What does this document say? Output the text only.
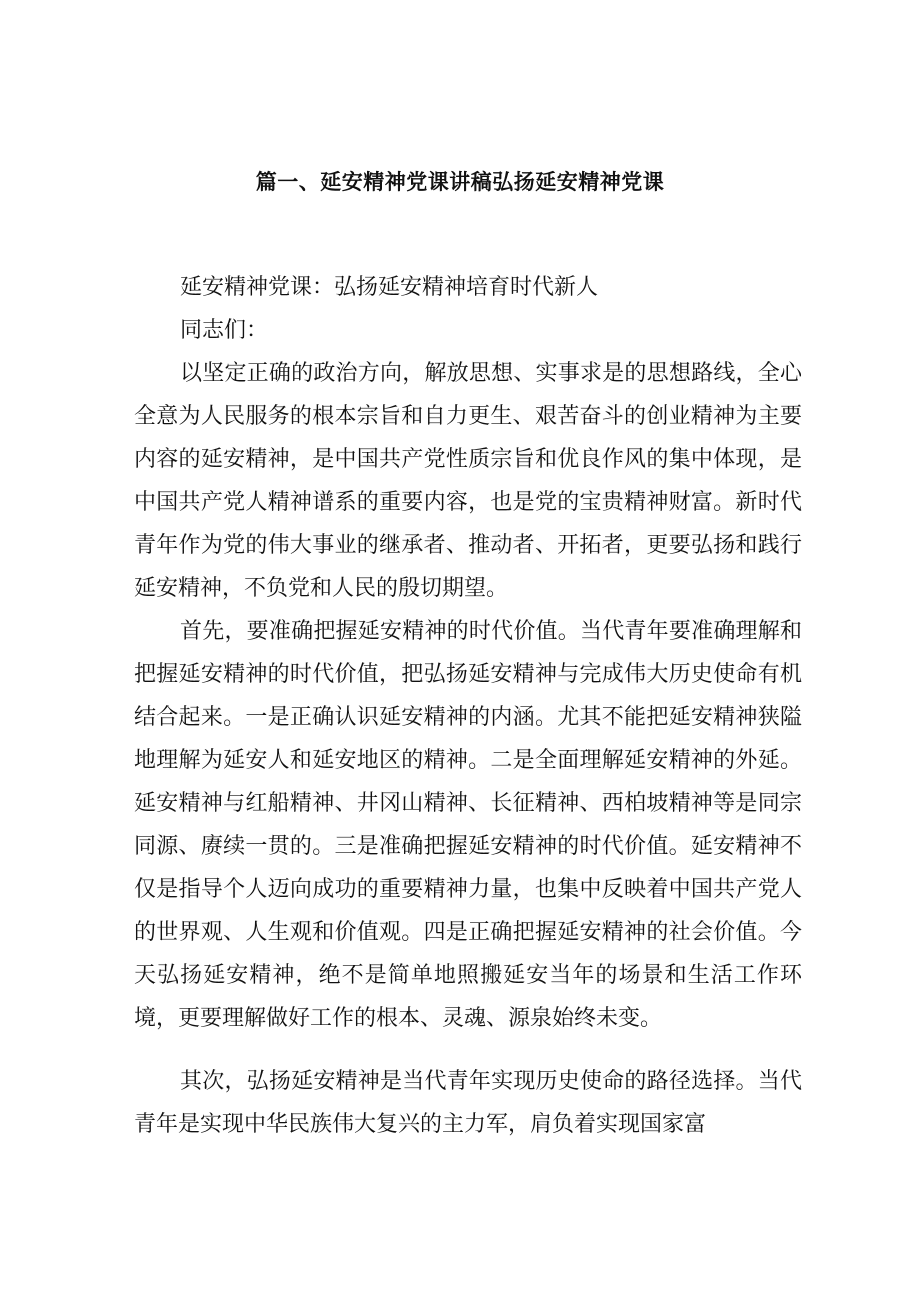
篇一、延安精神党课讲稿弘扬延安精神党课

延安精神党课：弘扬延安精神培育时代新人

同志们：

以坚定正确的政治方向，解放思想、实事求是的思想路线，全心全意为人民服务的根本宗旨和自力更生、艰苦奋斗的创业精神为主要内容的延安精神，是中国共产党性质宗旨和优良作风的集中体现，是中国共产党人精神谱系的重要内容，也是党的宝贵精神财富。新时代青年作为党的伟大事业的继承者、推动者、开拓者，更要弘扬和践行延安精神，不负党和人民的殷切期望。

首先，要准确把握延安精神的时代价值。当代青年要准确理解和把握延安精神的时代价值，把弘扬延安精神与完成伟大历史使命有机结合起来。一是正确认识延安精神的内涵。尤其不能把延安精神狭隘地理解为延安人和延安地区的精神。二是全面理解延安精神的外延。延安精神与红船精神、井冈山精神、长征精神、西柏坡精神等是同宗同源、赓续一贯的。三是准确把握延安精神的时代价值。延安精神不仅是指导个人迈向成功的重要精神力量，也集中反映着中国共产党人的世界观、人生观和价值观。四是正确把握延安精神的社会价值。今天弘扬延安精神，绝不是简单地照搬延安当年的场景和生活工作环境，更要理解做好工作的根本、灵魂、源泉始终未变。

其次，弘扬延安精神是当代青年实现历史使命的路径选择。当代青年是实现中华民族伟大复兴的主力军，肩负着实现国家富
